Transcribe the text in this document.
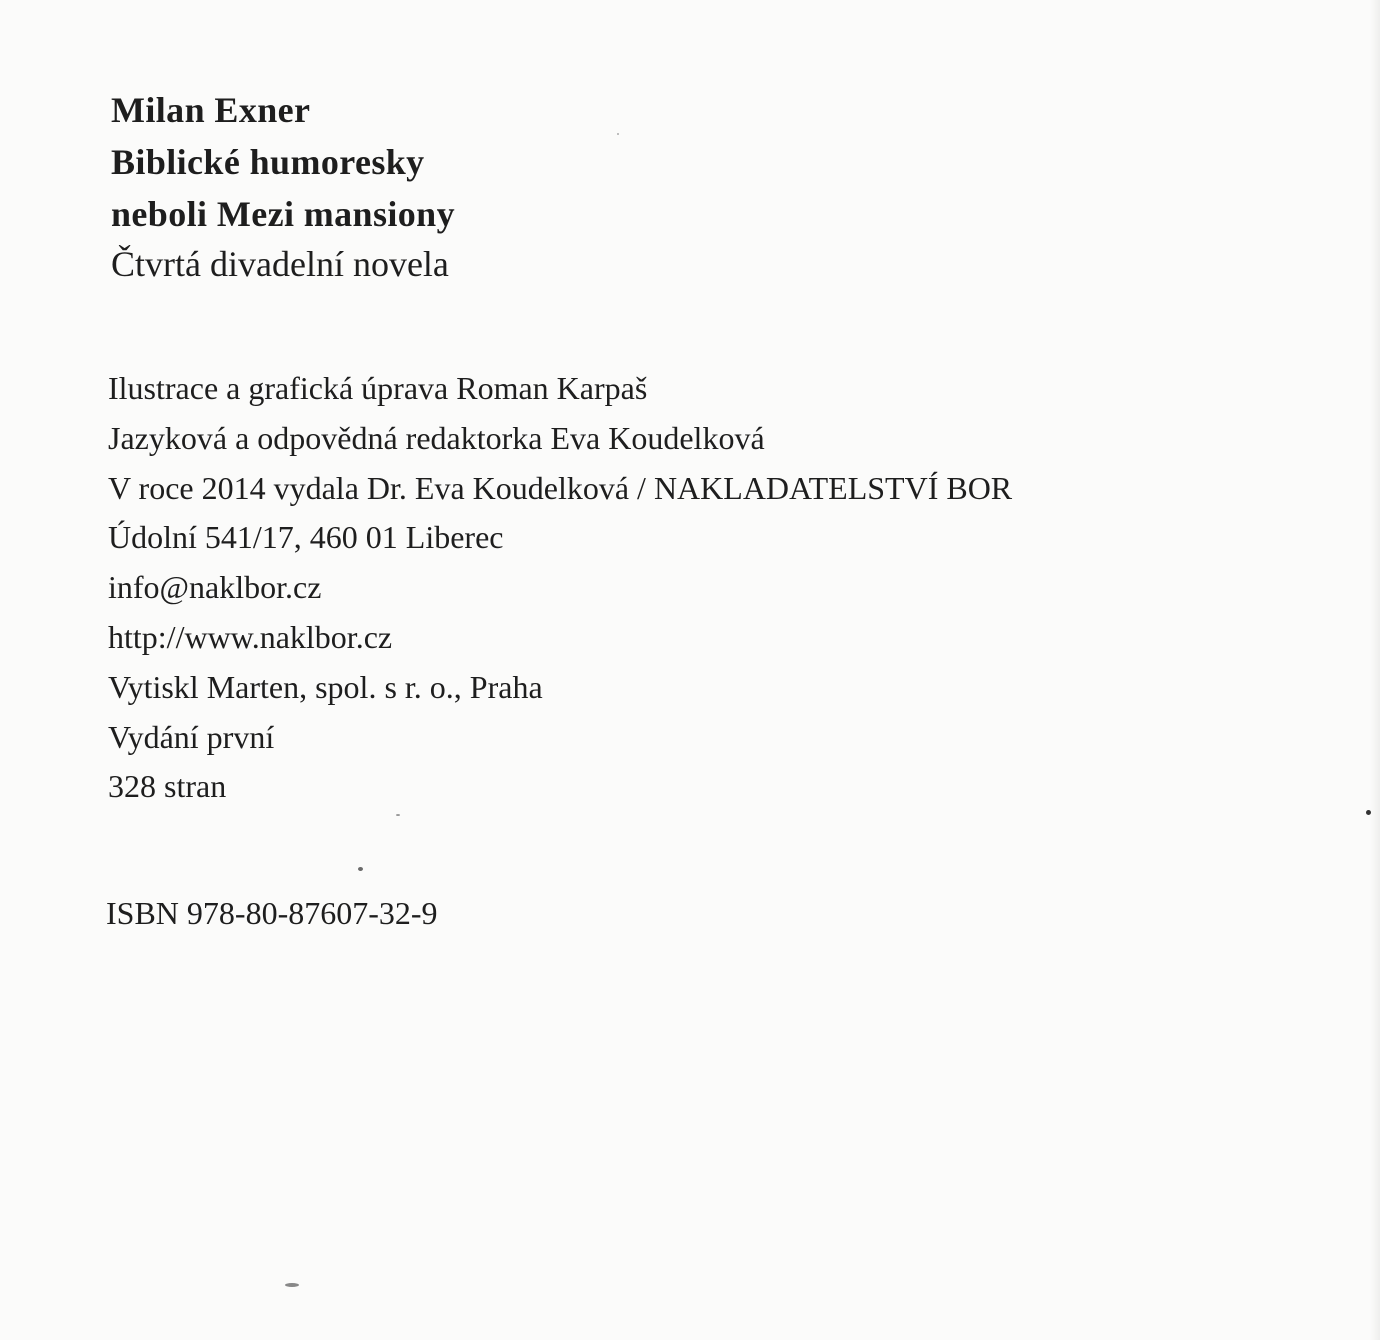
Milan Exner
Biblické humoresky
neboli Mezi mansiony
Čtvrtá divadelní novela
Ilustrace a grafická úprava Roman Karpaš
Jazyková a odpovědná redaktorka Eva Koudelková
V roce 2014 vydala Dr. Eva Koudelková / NAKLADATELSTVÍ BOR
Údolní 541/17, 460 01 Liberec
info@naklbor.cz
http://www.naklbor.cz
Vytiskl Marten, spol. s r. o., Praha
Vydání první
328 stran
ISBN 978-80-87607-32-9
